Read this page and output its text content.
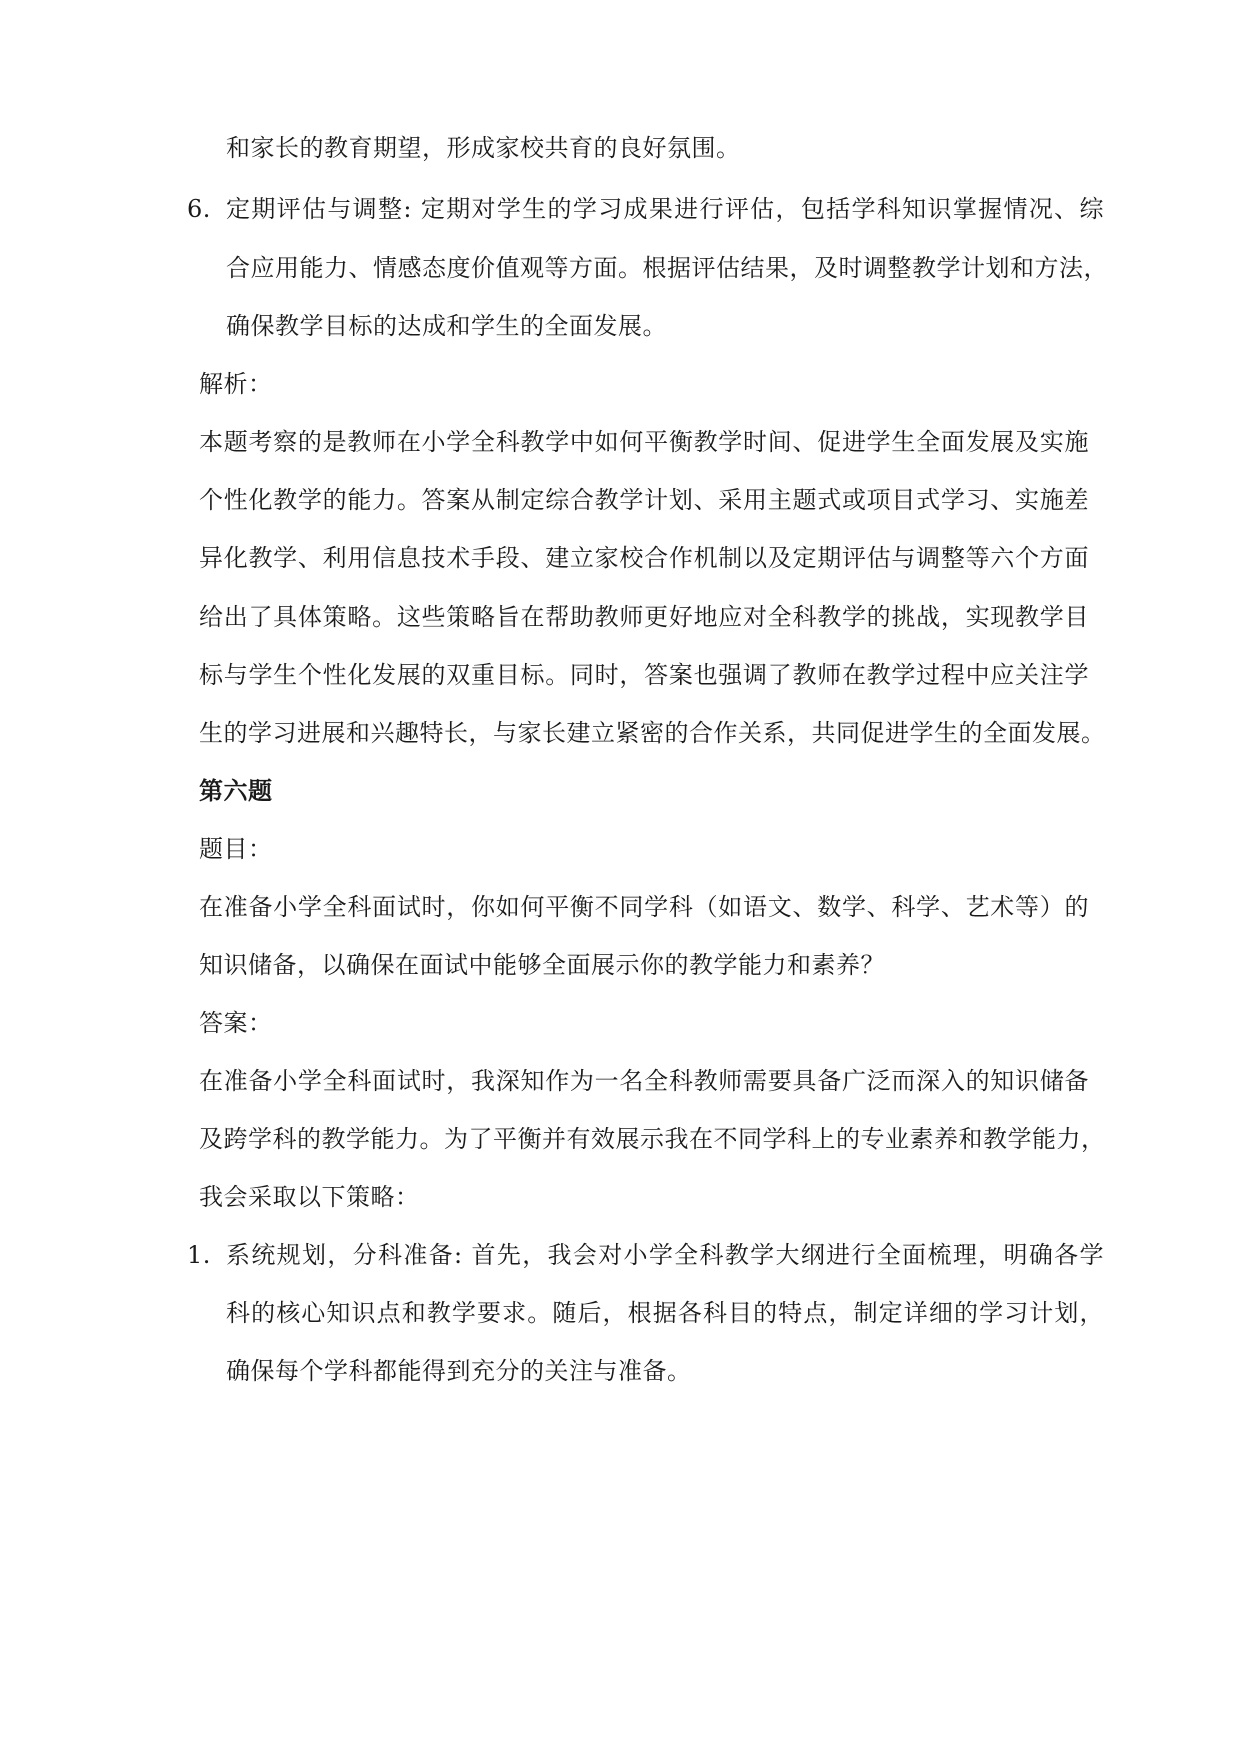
和家长的教育期望，形成家校共育的良好氛围。
6. 定期评估与调整: 定期对学生的学习成果进行评估，包括学科知识掌握情况、综
合应用能力、情感态度价值观等方面。根据评估结果，及时调整教学计划和方法，
确保教学目标的达成和学生的全面发展。
解析：
本题考察的是教师在小学全科教学中如何平衡教学时间、促进学生全面发展及实施
个性化教学的能力。答案从制定综合教学计划、采用主题式或项目式学习、实施差
异化教学、利用信息技术手段、建立家校合作机制以及定期评估与调整等六个方面
给出了具体策略。这些策略旨在帮助教师更好地应对全科教学的挑战，实现教学目
标与学生个性化发展的双重目标。同时，答案也强调了教师在教学过程中应关注学
生的学习进展和兴趣特长，与家长建立紧密的合作关系，共同促进学生的全面发展。
第六题
题目：
在准备小学全科面试时，你如何平衡不同学科（如语文、数学、科学、艺术等）的
知识储备，以确保在面试中能够全面展示你的教学能力和素养？
答案：
在准备小学全科面试时，我深知作为一名全科教师需要具备广泛而深入的知识储备
及跨学科的教学能力。为了平衡并有效展示我在不同学科上的专业素养和教学能力，
我会采取以下策略：
1. 系统规划，分科准备: 首先，我会对小学全科教学大纲进行全面梳理，明确各学
科的核心知识点和教学要求。随后，根据各科目的特点，制定详细的学习计划，
确保每个学科都能得到充分的关注与准备。
